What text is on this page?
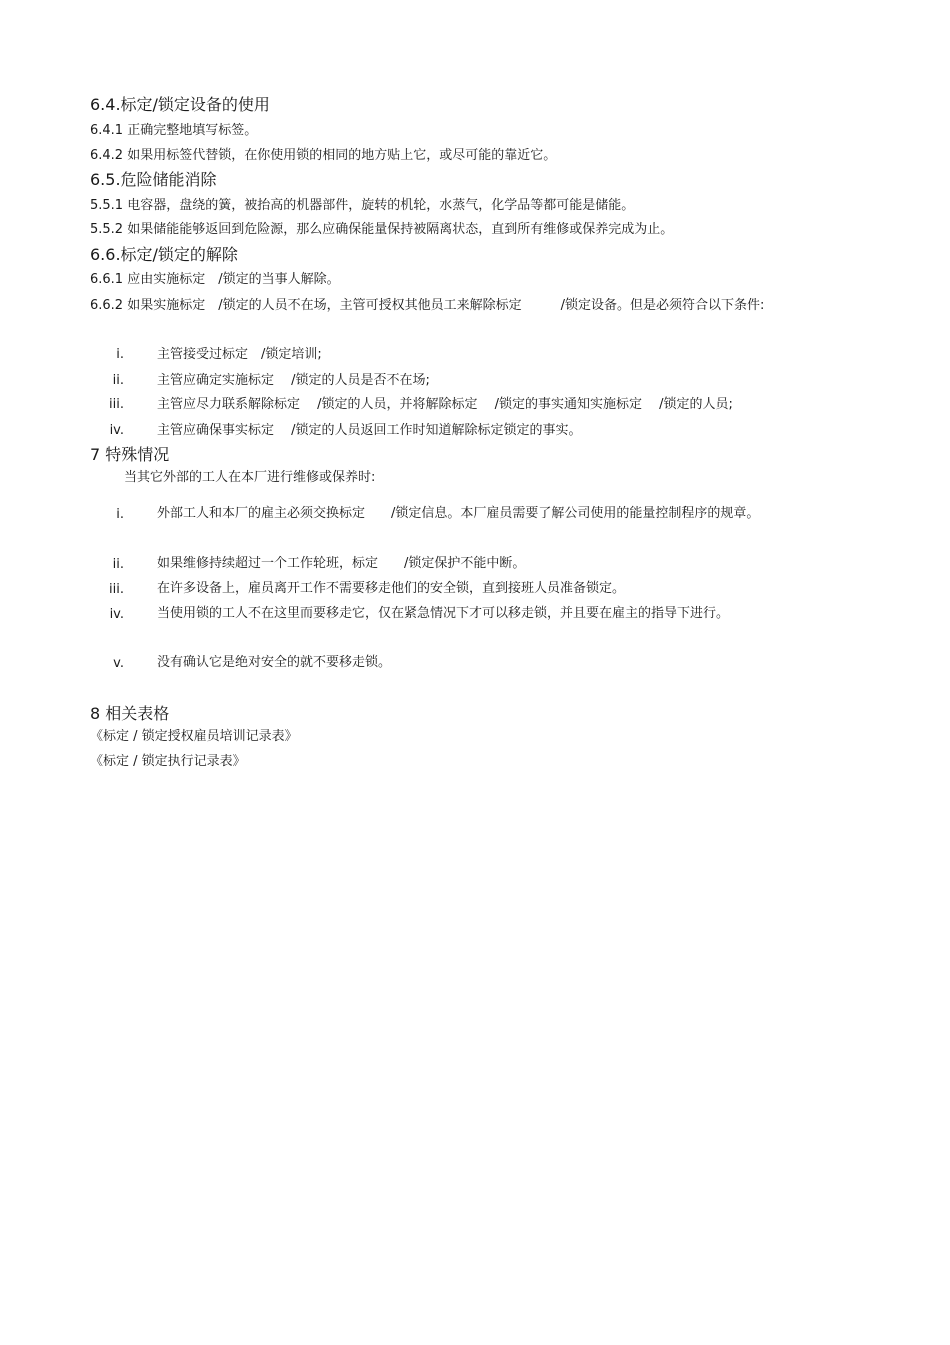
6.4.标定/锁定设备的使用
6.4.1 正确完整地填写标签。
6.4.2 如果用标签代替锁，在你使用锁的相同的地方贴上它，或尽可能的靠近它。
6.5.危险储能消除
5.5.1 电容器，盘绕的簧，被抬高的机器部件，旋转的机轮，水蒸气，化学品等都可能是储能。
5.5.2 如果储能能够返回到危险源，那么应确保能量保持被隔离状态，直到所有维修或保养完成为止。
6.6.标定/锁定的解除
6.6.1 应由实施标定　/锁定的当事人解除。
6.6.2 如果实施标定　/锁定的人员不在场，主管可授权其他员工来解除标定　　　/锁定设备。但是必须符合以下条件:
i.	主管接受过标定　/锁定培训;
ii.	主管应确定实施标定　 /锁定的人员是否不在场;
iii.	主管应尽力联系解除标定　 /锁定的人员，并将解除标定　 /锁定的事实通知实施标定　 /锁定的人员;
iv.	主管应确保事实标定　 /锁定的人员返回工作时知道解除标定锁定的事实。
7 特殊情况
当其它外部的工人在本厂进行维修或保养时:
i.	外部工人和本厂的雇主必须交换标定　　/锁定信息。本厂雇员需要了解公司使用的能量控制程序的规章。
ii.	如果维修持续超过一个工作轮班，标定　　/锁定保护不能中断。
iii.	在许多设备上，雇员离开工作不需要移走他们的安全锁，直到接班人员准备锁定。
iv.	当使用锁的工人不在这里而要移走它，仅在紧急情况下才可以移走锁，并且要在雇主的指导下进行。
v.	没有确认它是绝对安全的就不要移走锁。
8 相关表格
《标定 / 锁定授权雇员培训记录表》
《标定 / 锁定执行记录表》
